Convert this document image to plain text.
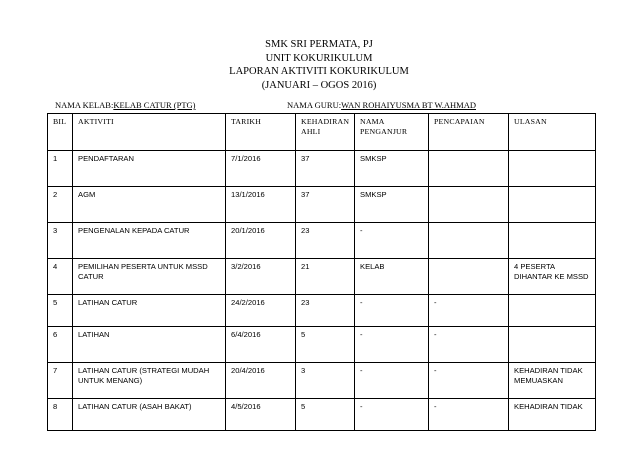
SMK SRI PERMATA, PJ
UNIT KOKURIKULUM
LAPORAN AKTIVITI KOKURIKULUM
(JANUARI – OGOS 2016)
NAMA KELAB:KELAB CATUR (PTG)	NAMA GURU:WAN ROHAIYUSMA BT W.AHMAD
BIL	AKTIVITI	TARIKH	KEHADIRAN AHLI	NAMA PENGANJUR	PENCAPAIAN	ULASAN
1	PENDAFTARAN	7/1/2016	37	SMKSP		
2	AGM	13/1/2016	37	SMKSP		
3	PENGENALAN KEPADA CATUR	20/1/2016	23	-		
4	PEMILIHAN PESERTA UNTUK MSSD CATUR	3/2/2016	21	KELAB		4 PESERTA DIHANTAR KE MSSD
5	LATIHAN CATUR	24/2/2016	23	-	-	
6	LATIHAN	6/4/2016	5	-	-	
7	LATIHAN CATUR (STRATEGI MUDAH UNTUK MENANG)	20/4/2016	3	-	-	KEHADIRAN TIDAK MEMUASKAN
8	LATIHAN CATUR (ASAH BAKAT)	4/5/2016	5	-	-	KEHADIRAN TIDAK
